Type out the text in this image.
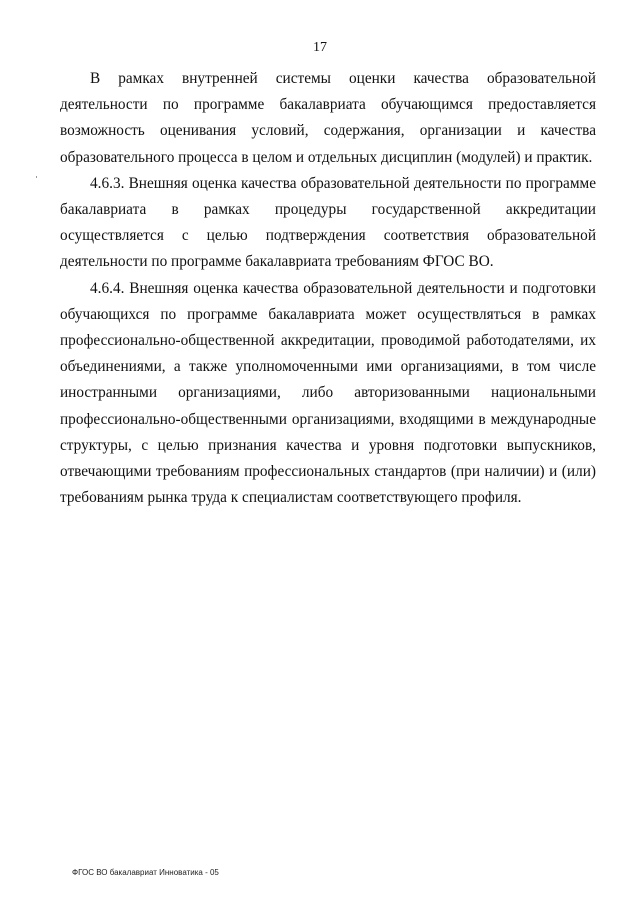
17

В рамках внутренней системы оценки качества образовательной деятельности по программе бакалавриата обучающимся предоставляется возможность оценивания условий, содержания, организации и качества образовательного процесса в целом и отдельных дисциплин (модулей) и практик.

4.6.3. Внешняя оценка качества образовательной деятельности по программе бакалавриата в рамках процедуры государственной аккредитации осуществляется с целью подтверждения соответствия образовательной деятельности по программе бакалавриата требованиям ФГОС ВО.

4.6.4. Внешняя оценка качества образовательной деятельности и подготовки обучающихся по программе бакалавриата может осуществляться в рамках профессионально-общественной аккредитации, проводимой работодателями, их объединениями, а также уполномоченными ими организациями, в том числе иностранными организациями, либо авторизованными национальными профессионально-общественными организациями, входящими в международные структуры, с целью признания качества и уровня подготовки выпускников, отвечающими требованиям профессиональных стандартов (при наличии) и (или) требованиям рынка труда к специалистам соответствующего профиля.

ФГОС ВО бакалавриат Инноватика - 05
